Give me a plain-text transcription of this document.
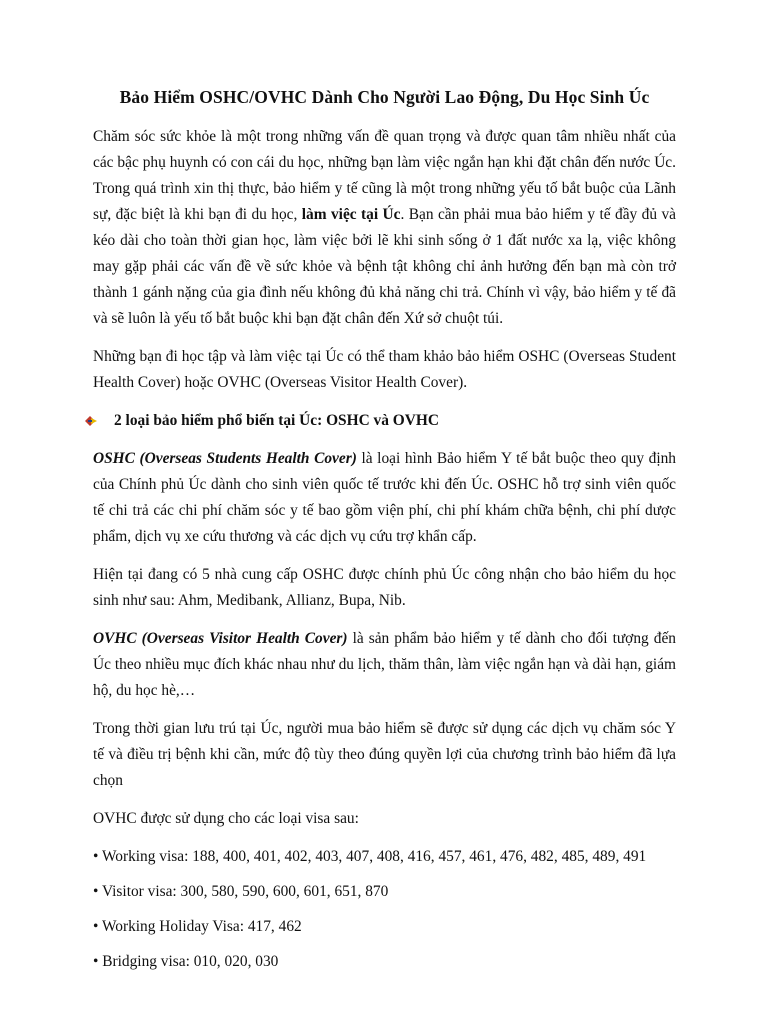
Bảo Hiểm OSHC/OVHC Dành Cho Người Lao Động, Du Học Sinh Úc

Chăm sóc sức khỏe là một trong những vấn đề quan trọng và được quan tâm nhiều nhất của các bậc phụ huynh có con cái du học, những bạn làm việc ngắn hạn khi đặt chân đến nước Úc. Trong quá trình xin thị thực, bảo hiểm y tế cũng là một trong những yếu tố bắt buộc của Lãnh sự, đặc biệt là khi bạn đi du học, làm việc tại Úc. Bạn cần phải mua bảo hiểm y tế đầy đủ và kéo dài cho toàn thời gian học, làm việc bởi lẽ khi sinh sống ở 1 đất nước xa lạ, việc không may gặp phải các vấn đề về sức khỏe và bệnh tật không chỉ ảnh hưởng đến bạn mà còn trở thành 1 gánh nặng của gia đình nếu không đủ khả năng chi trả. Chính vì vậy, bảo hiểm y tế đã và sẽ luôn là yếu tố bắt buộc khi bạn đặt chân đến Xứ sở chuột túi.

Những bạn đi học tập và làm việc tại Úc có thể tham khảo bảo hiểm OSHC (Overseas Student Health Cover) hoặc OVHC (Overseas Visitor Health Cover).

2 loại bảo hiểm phổ biến tại Úc: OSHC và OVHC

OSHC (Overseas Students Health Cover) là loại hình Bảo hiểm Y tế bắt buộc theo quy định của Chính phủ Úc dành cho sinh viên quốc tế trước khi đến Úc. OSHC hỗ trợ sinh viên quốc tế chi trả các chi phí chăm sóc y tế bao gồm viện phí, chi phí khám chữa bệnh, chi phí dược phẩm, dịch vụ xe cứu thương và các dịch vụ cứu trợ khẩn cấp.

Hiện tại đang có 5 nhà cung cấp OSHC được chính phủ Úc công nhận cho bảo hiểm du học sinh như sau: Ahm, Medibank, Allianz, Bupa, Nib.

OVHC (Overseas Visitor Health Cover) là sản phẩm bảo hiểm y tế dành cho đối tượng đến Úc theo nhiều mục đích khác nhau như du lịch, thăm thân, làm việc ngắn hạn và dài hạn, giám hộ, du học hè,…

Trong thời gian lưu trú tại Úc, người mua bảo hiểm sẽ được sử dụng các dịch vụ chăm sóc Y tế và điều trị bệnh khi cần, mức độ tùy theo đúng quyền lợi của chương trình bảo hiểm đã lựa chọn

OVHC được sử dụng cho các loại visa sau:

• Working visa: 188, 400, 401, 402, 403, 407, 408, 416, 457, 461, 476, 482, 485, 489, 491
• Visitor visa: 300, 580, 590, 600, 601, 651, 870
• Working Holiday Visa: 417, 462
• Bridging visa: 010, 020, 030
